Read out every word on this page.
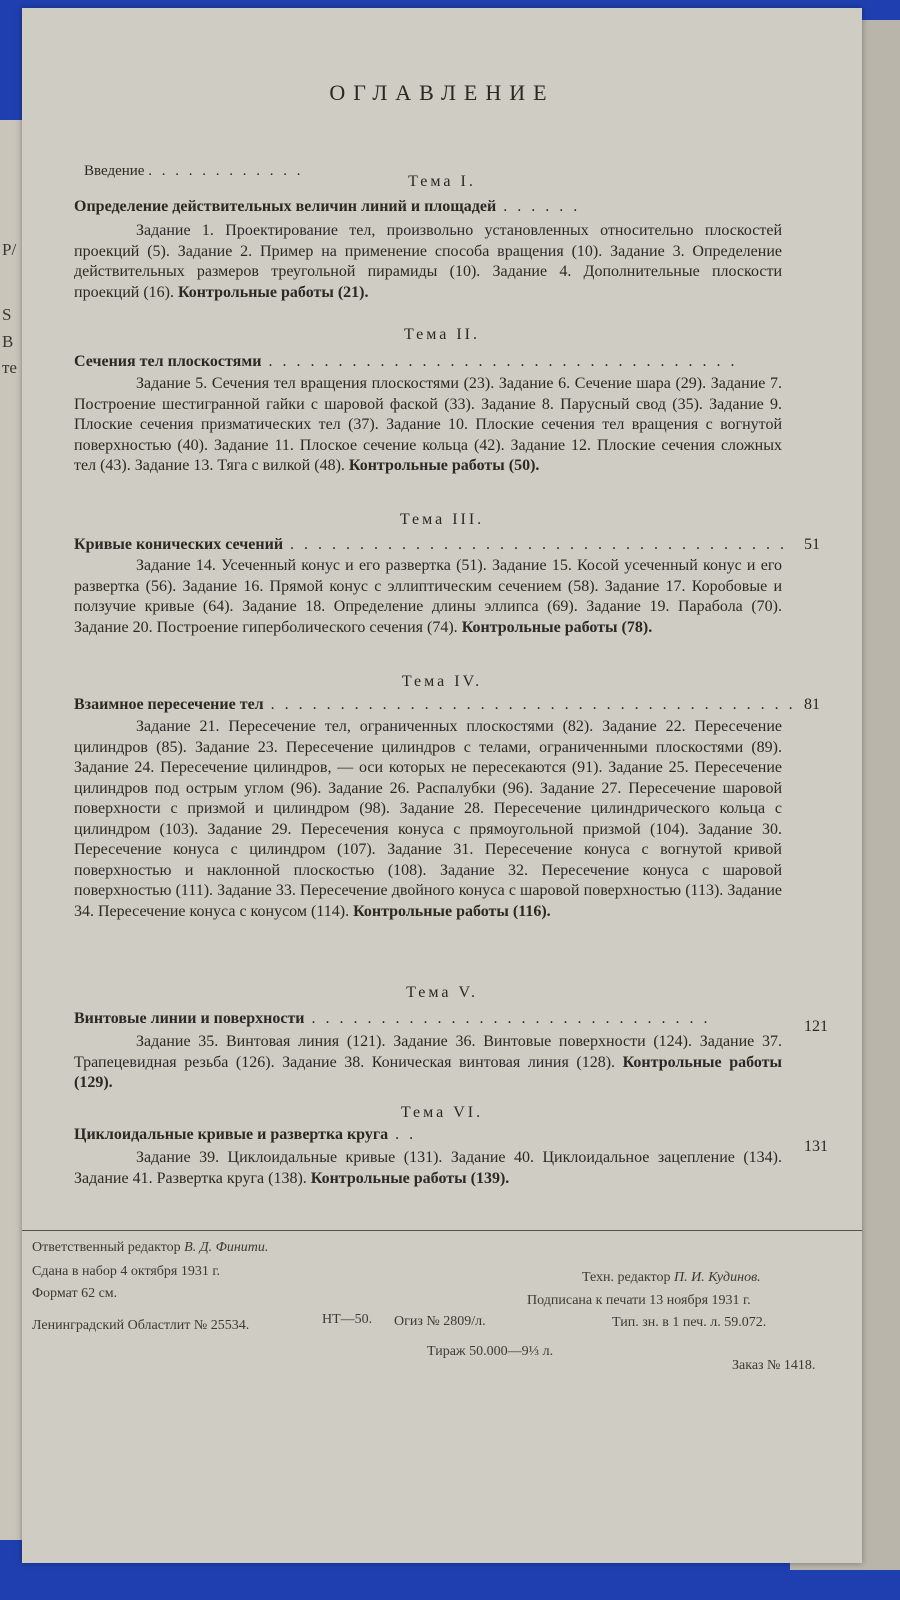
Р/
S
В
те
ОГЛАВЛЕНИЕ
Введение . . . . . . . . . . . .
Тема I.
Определение действительных величин линий и площадей . . . . . .
Задание 1. Проектирование тел, произвольно установленных относительно плоскостей проекций (5). Задание 2. Пример на применение способа вращения (10). Задание 3. Определение действительных размеров треугольной пирамиды (10). Задание 4. Дополнительные плоскости проекций (16). Контрольные работы (21).
Тема II.
Сечения тел плоскостями . . . . . . . . . . . . . . . . . . . . . . . . . . . . . . . . . .
Задание 5. Сечения тел вращения плоскостями (23). Задание 6. Сечение шара (29). Задание 7. Построение шестигранной гайки с шаровой фаской (33). Задание 8. Парусный свод (35). Задание 9. Плоские сечения призматических тел (37). Задание 10. Плоские сечения тел вращения с вогнутой поверхностью (40). Задание 11. Плоское сечение кольца (42). Задание 12. Плоские сечения сложных тел (43). Задание 13. Тяга с вилкой (48). Контрольные работы (50).
Тема III.
Кривые конических сечений . . . . . . . . . . . . . . . . . . . . . . . . . . . . . . . . . . . . 51
Задание 14. Усеченный конус и его развертка (51). Задание 15. Косой усеченный конус и его развертка (56). Задание 16. Прямой конус с эллиптическим сечением (58). Задание 17. Коробовые и ползучие кривые (64). Задание 18. Определение длины эллипса (69). Задание 19. Парабола (70). Задание 20. Построение гиперболического сечения (74). Контрольные работы (78).
Тема IV.
Взаимное пересечение тел . . . . . . . . . . . . . . . . . . . . . . . . . . . . . . . . . . . . . . 81
Задание 21. Пересечение тел, ограниченных плоскостями (82). Задание 22. Пересечение цилиндров (85). Задание 23. Пересечение цилиндров с телами, ограниченными плоскостями (89). Задание 24. Пересечение цилиндров, — оси которых не пересекаются (91). Задание 25. Пересечение цилиндров под острым углом (96). Задание 26. Распалубки (96). Задание 27. Пересечение шаровой поверхности с призмой и цилиндром (98). Задание 28. Пересечение цилиндрического кольца с цилиндром (103). Задание 29. Пересечения конуса с прямоугольной призмой (104). Задание 30. Пересечение конуса с цилиндром (107). Задание 31. Пересечение конуса с вогнутой кривой поверхностью и наклонной плоскостью (108). Задание 32. Пересечение конуса с шаровой поверхностью (111). Задание 33. Пересечение двойного конуса с шаровой поверхностью (113). Задание 34. Пересечение конуса с конусом (114). Контрольные работы (116).
Тема V.
Винтовые линии и поверхности . . . . . . . . . . . . . . . . . . . . . . . . . . . . .	121
Задание 35. Винтовая линия (121). Задание 36. Винтовые поверхности (124). Задание 37. Трапецевидная резьба (126). Задание 38. Коническая винтовая линия (128). Контрольные работы (129).
Тема VI.
Циклоидальные кривые и развертка круга . .
131
Задание 39. Циклоидальные кривые (131). Задание 40. Циклоидальное зацепление (134). Задание 41. Развертка круга (138). Контрольные работы (139).
Ответственный редактор В. Д. Финити.
Сдана в набор 4 октября 1931 г.
Формат 62 см.
Ленинградский Областлит № 25534.	НТ—50. Огиз № 2809/л.
Тираж 50.000—9⅓ л.
Техн. редактор П. И. Кудинов.
Подписана к печати 13 ноября 1931 г.
Тип. зн. в 1 печ. л. 59.072.
Заказ № 1418.
